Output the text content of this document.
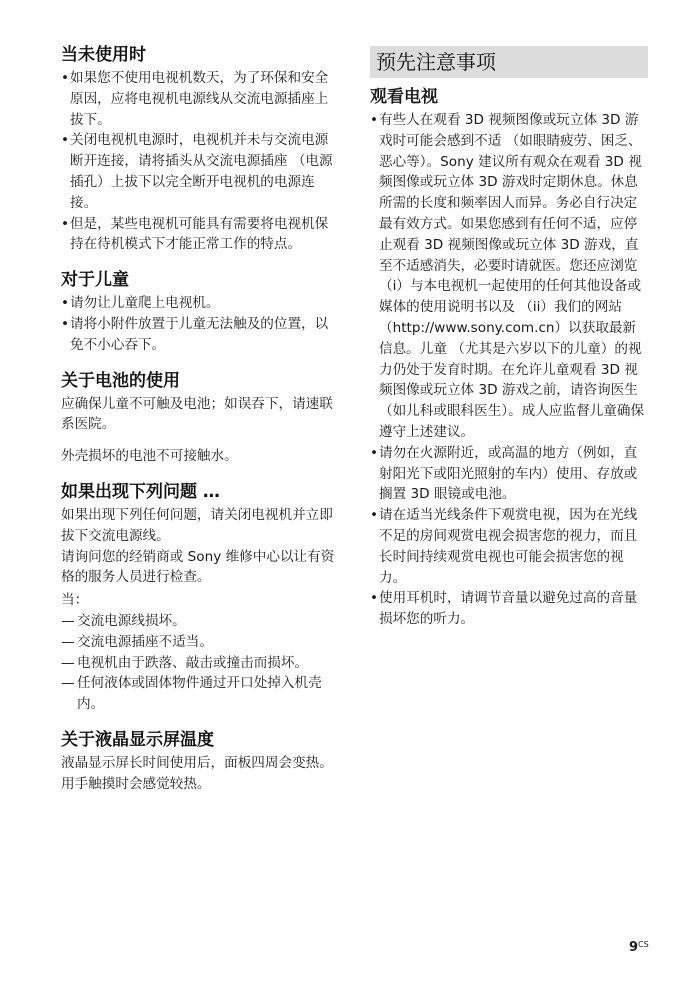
当未使用时
• 如果您不使用电视机数天，为了环保和安全原因，应将电视机电源线从交流电源插座上拔下。
• 关闭电视机电源时，电视机并未与交流电源断开连接，请将插头从交流电源插座 （电源插孔）上拔下以完全断开电视机的电源连接。
• 但是，某些电视机可能具有需要将电视机保持在待机模式下才能正常工作的特点。
对于儿童
• 请勿让儿童爬上电视机。
• 请将小附件放置于儿童无法触及的位置，以免不小心吞下。
关于电池的使用

应确保儿童不可触及电池；如误吞下，请速联系医院。

外壳损坏的电池不可接触水。

如果出现下列问题 …

如果出现下列任何问题，请关闭电视机并立即拔下交流电源线。

请询问您的经销商或 Sony 维修中心以让有资格的服务人员进行检查。

当：

— 交流电源线损坏。
— 交流电源插座不适当。
— 电视机由于跌落、敲击或撞击而损坏。
— 任何液体或固体物件通过开口处掉入机壳内。
关于液晶显示屏温度

液晶显示屏长时间使用后，面板四周会变热。用手触摸时会感觉较热。

预先注意事项
观看电视
• 有些人在观看 3D 视频图像或玩立体 3D 游戏时可能会感到不适 （如眼睛疲劳、困乏、恶心等）。Sony 建议所有观众在观看 3D 视频图像或玩立体 3D 游戏时定期休息。休息所需的长度和频率因人而异。务必自行决定最有效方式。如果您感到有任何不适，应停止观看 3D 视频图像或玩立体 3D 游戏，直至不适感消失，必要时请就医。您还应浏览 （i）与本电视机一起使用的任何其他设备或媒体的使用说明书以及 （ii）我们的网站 （http://www.sony.com.cn）以获取最新信息。儿童 （尤其是六岁以下的儿童）的视力仍处于发育时期。在允许儿童观看 3D 视频图像或玩立体 3D 游戏之前，请咨询医生（如儿科或眼科医生）。成人应监督儿童确保遵守上述建议。
• 请勿在火源附近，或高温的地方（例如，直射阳光下或阳光照射的车内）使用、存放或搁置 3D 眼镜或电池。
• 请在适当光线条件下观赏电视，因为在光线不足的房间观赏电视会损害您的视力，而且长时间持续观赏电视也可能会损害您的视力。
• 使用耳机时，请调节音量以避免过高的音量损坏您的听力。
$9^{CS}$
